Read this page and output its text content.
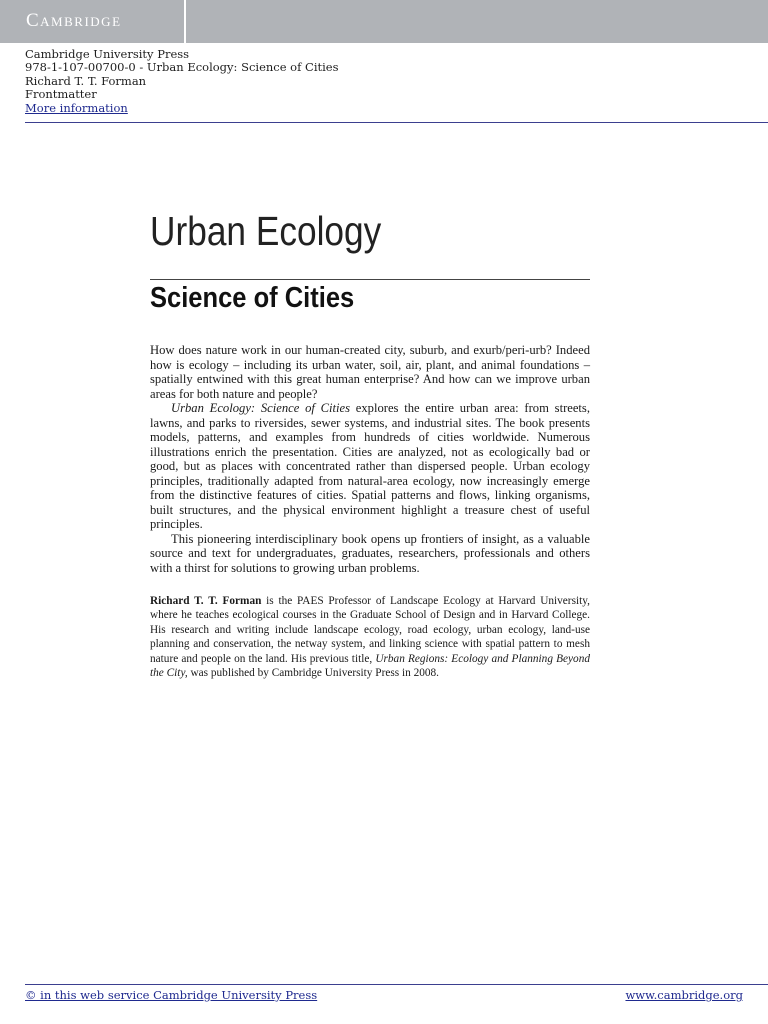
Cambridge
Cambridge University Press
978-1-107-00700-0 - Urban Ecology: Science of Cities
Richard T. T. Forman
Frontmatter
More information
Urban Ecology
Science of Cities

How does nature work in our human-created city, suburb, and exurb/peri-urb? Indeed how is ecology – including its urban water, soil, air, plant, and animal foundations – spatially entwined with this great human enterprise? And how can we improve urban areas for both nature and people?

Urban Ecology: Science of Cities explores the entire urban area: from streets, lawns, and parks to riversides, sewer systems, and industrial sites. The book presents models, patterns, and examples from hundreds of cities worldwide. Numerous illustrations enrich the presentation. Cities are analyzed, not as ecologically bad or good, but as places with concentrated rather than dispersed people. Urban ecology principles, traditionally adapted from natural-area ecology, now increasingly emerge from the distinctive features of cities. Spatial patterns and flows, linking organisms, built structures, and the physical environment highlight a treasure chest of useful principles.

This pioneering interdisciplinary book opens up frontiers of insight, as a valuable source and text for undergraduates, graduates, researchers, professionals and others with a thirst for solutions to growing urban problems.

Richard T. T. Forman is the PAES Professor of Landscape Ecology at Harvard University, where he teaches ecological courses in the Graduate School of Design and in Harvard College. His research and writing include landscape ecology, road ecology, urban ecology, land-use planning and conservation, the netway system, and linking science with spatial pattern to mesh nature and people on the land. His previous title, Urban Regions: Ecology and Planning Beyond the City, was published by Cambridge University Press in 2008.

© in this web service Cambridge University Press	www.cambridge.org
